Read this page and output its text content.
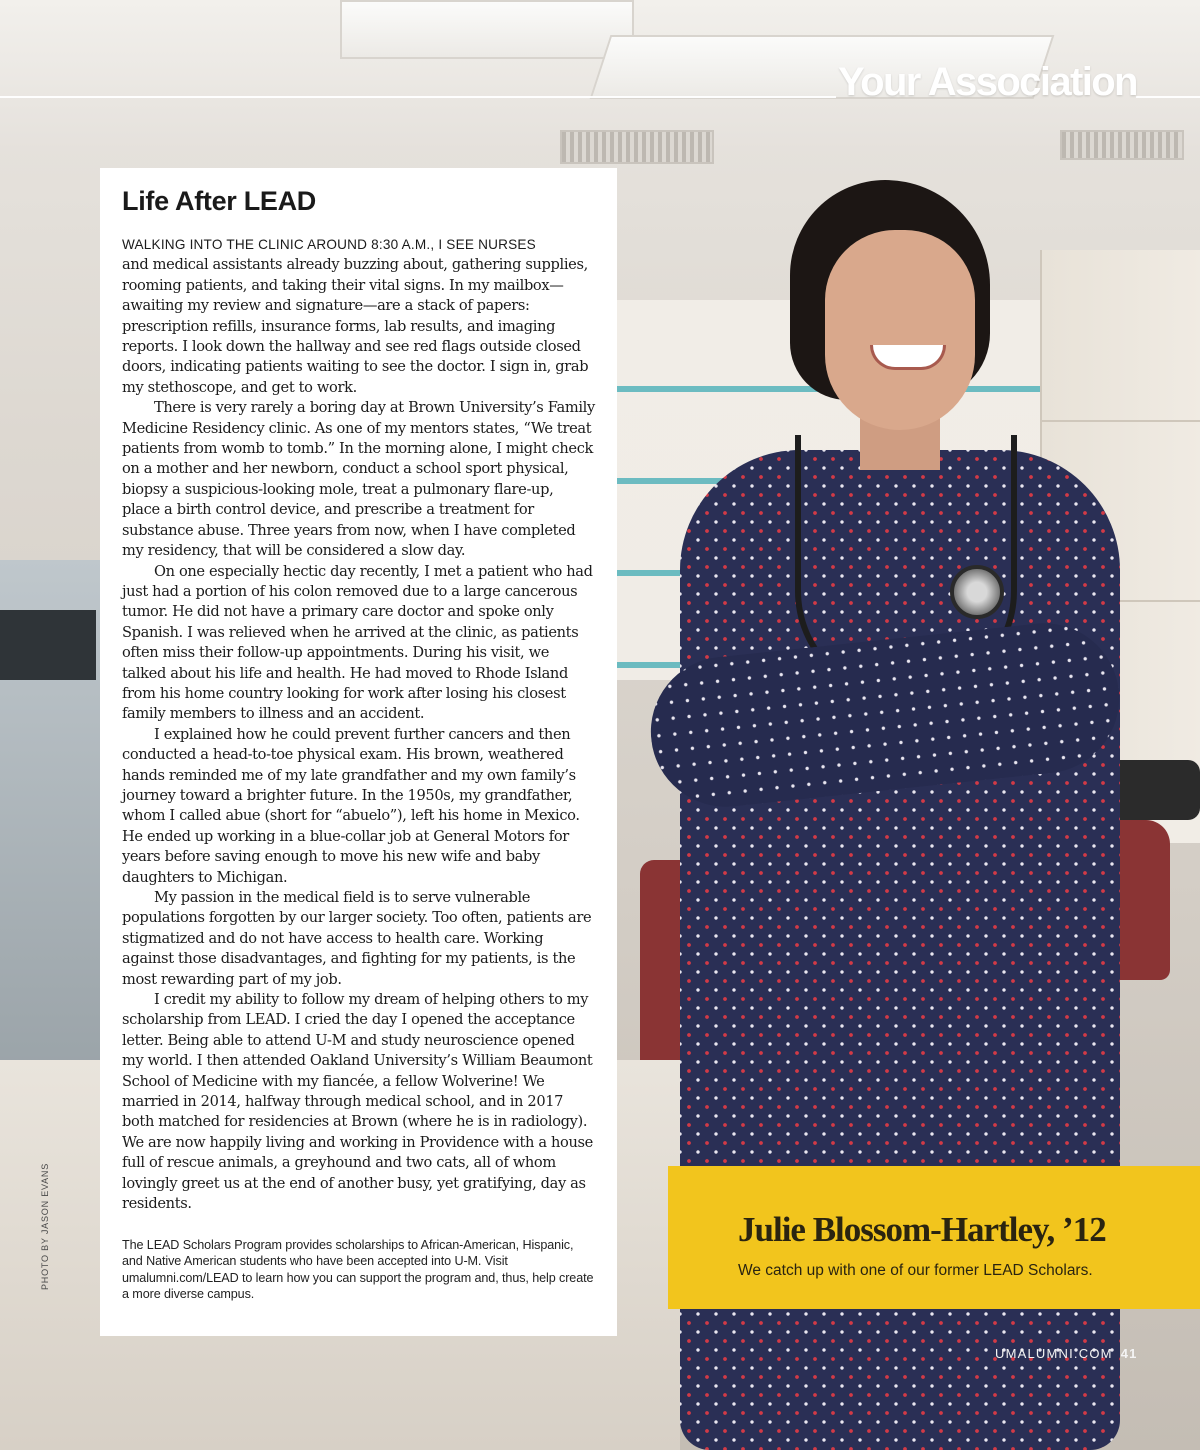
Your Association
Life After LEAD

WALKING INTO THE CLINIC AROUND 8:30 A.M., I SEE NURSES
and medical assistants already buzzing about, gathering supplies, rooming patients, and taking their vital signs. In my mailbox—awaiting my review and signature—are a stack of papers: prescription refills, insurance forms, lab results, and imaging reports. I look down the hallway and see red flags outside closed doors, indicating patients waiting to see the doctor. I sign in, grab my stethoscope, and get to work.

There is very rarely a boring day at Brown University’s Family Medicine Residency clinic. As one of my mentors states, “We treat patients from womb to tomb.” In the morning alone, I might check on a mother and her newborn, conduct a school sport physical, biopsy a suspicious-looking mole, treat a pulmonary flare-up, place a birth control device, and prescribe a treatment for substance abuse. Three years from now, when I have completed my residency, that will be considered a slow day.

On one especially hectic day recently, I met a patient who had just had a portion of his colon removed due to a large cancerous tumor. He did not have a primary care doctor and spoke only Spanish. I was relieved when he arrived at the clinic, as patients often miss their follow-up appointments. During his visit, we talked about his life and health. He had moved to Rhode Island from his home country looking for work after losing his closest family members to illness and an accident.

I explained how he could prevent further cancers and then conducted a head-to-toe physical exam. His brown, weathered hands reminded me of my late grandfather and my own family’s journey toward a brighter future. In the 1950s, my grandfather, whom I called abue (short for “abuelo”), left his home in Mexico. He ended up working in a blue-collar job at General Motors for years before saving enough to move his new wife and baby daughters to Michigan.

My passion in the medical field is to serve vulnerable populations forgotten by our larger society. Too often, patients are stigmatized and do not have access to health care. Working against those disadvantages, and fighting for my patients, is the most rewarding part of my job.

I credit my ability to follow my dream of helping others to my scholarship from LEAD. I cried the day I opened the acceptance letter. Being able to attend U-M and study neuroscience opened my world. I then attended Oakland University’s William Beaumont School of Medicine with my fiancée, a fellow Wolverine! We married in 2014, halfway through medical school, and in 2017 both matched for residencies at Brown (where he is in radiology). We are now happily living and working in Providence with a house full of rescue animals, a greyhound and two cats, all of whom lovingly greet us at the end of another busy, yet gratifying, day as residents.

The LEAD Scholars Program provides scholarships to African-American, Hispanic, and Native American students who have been accepted into U-M. Visit umalumni.com/LEAD to learn how you can support the program and, thus, help create a more diverse campus.
Julie Blossom-Hartley, ’12
We catch up with one of our former LEAD Scholars.
PHOTO BY JASON EVANS
UMALUMNI.COM 41
